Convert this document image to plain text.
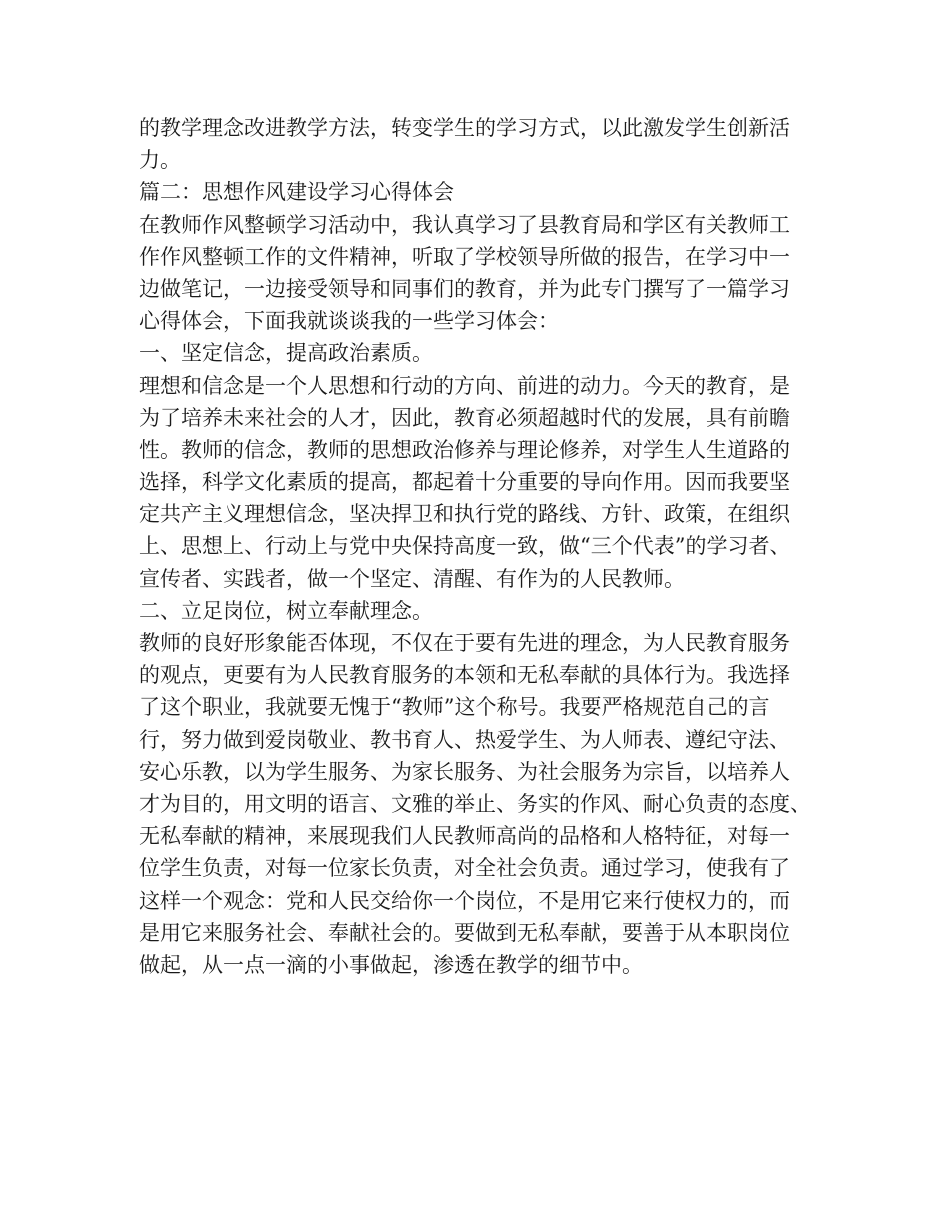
的教学理念改进教学方法，转变学生的学习方式，以此激发学生创新活
力。
篇二：思想作风建设学习心得体会
在教师作风整顿学习活动中，我认真学习了县教育局和学区有关教师工
作作风整顿工作的文件精神，听取了学校领导所做的报告，在学习中一
边做笔记，一边接受领导和同事们的教育，并为此专门撰写了一篇学习
心得体会，下面我就谈谈我的一些学习体会：
一、坚定信念，提高政治素质。
理想和信念是一个人思想和行动的方向、前进的动力。今天的教育，是
为了培养未来社会的人才，因此，教育必须超越时代的发展，具有前瞻
性。教师的信念，教师的思想政治修养与理论修养，对学生人生道路的
选择，科学文化素质的提高，都起着十分重要的导向作用。因而我要坚
定共产主义理想信念，坚决捍卫和执行党的路线、方针、政策，在组织
上、思想上、行动上与党中央保持高度一致，做“三个代表”的学习者、
宣传者、实践者，做一个坚定、清醒、有作为的人民教师。
二、立足岗位，树立奉献理念。
教师的良好形象能否体现，不仅在于要有先进的理念，为人民教育服务
的观点，更要有为人民教育服务的本领和无私奉献的具体行为。我选择
了这个职业，我就要无愧于“教师”这个称号。我要严格规范自己的言
行，努力做到爱岗敬业、教书育人、热爱学生、为人师表、遵纪守法、
安心乐教，以为学生服务、为家长服务、为社会服务为宗旨，以培养人
才为目的，用文明的语言、文雅的举止、务实的作风、耐心负责的态度、
无私奉献的精神，来展现我们人民教师高尚的品格和人格特征，对每一
位学生负责，对每一位家长负责，对全社会负责。通过学习，使我有了
这样一个观念：党和人民交给你一个岗位，不是用它来行使权力的，而
是用它来服务社会、奉献社会的。要做到无私奉献，要善于从本职岗位
做起，从一点一滴的小事做起，渗透在教学的细节中。
